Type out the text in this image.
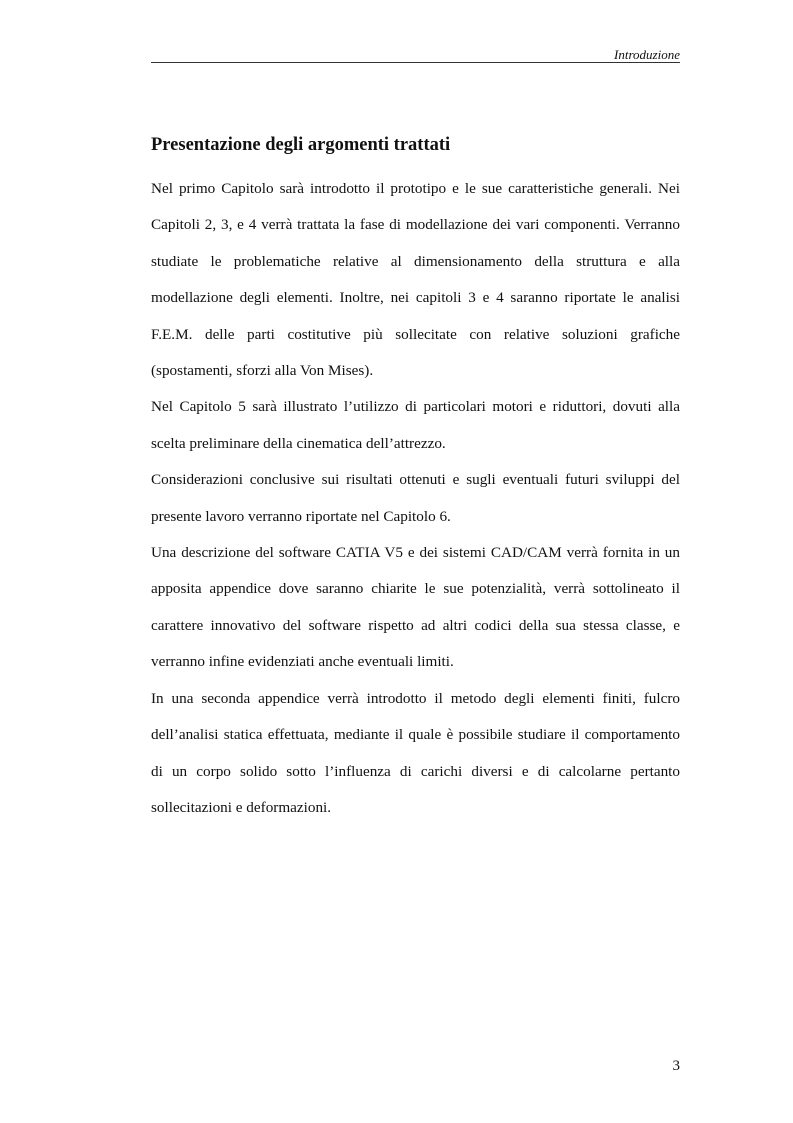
Introduzione
Presentazione degli argomenti trattati

Nel primo Capitolo sarà introdotto il prototipo e le sue caratteristiche generali. Nei Capitoli 2, 3, e 4 verrà trattata la fase di modellazione dei vari componenti. Verranno studiate le problematiche relative al dimensionamento della struttura e alla modellazione degli elementi. Inoltre, nei capitoli 3 e 4 saranno riportate le analisi F.E.M. delle parti costitutive più sollecitate con relative soluzioni grafiche (spostamenti, sforzi alla Von Mises).

Nel Capitolo 5 sarà illustrato l’utilizzo di particolari motori e riduttori, dovuti alla scelta preliminare della cinematica dell’attrezzo.

Considerazioni conclusive sui risultati ottenuti e sugli eventuali futuri sviluppi del presente lavoro verranno riportate nel Capitolo 6.

Una descrizione del software CATIA V5 e dei sistemi CAD/CAM verrà fornita in un apposita appendice dove saranno chiarite le sue potenzialità, verrà sottolineato il carattere innovativo del software rispetto ad altri codici della sua stessa classe, e verranno infine evidenziati anche eventuali limiti.

In una seconda appendice verrà introdotto il metodo degli elementi finiti, fulcro dell’analisi statica effettuata, mediante il quale è possibile studiare il comportamento di un corpo solido sotto l’influenza di carichi diversi e di calcolarne pertanto sollecitazioni e deformazioni.

3
